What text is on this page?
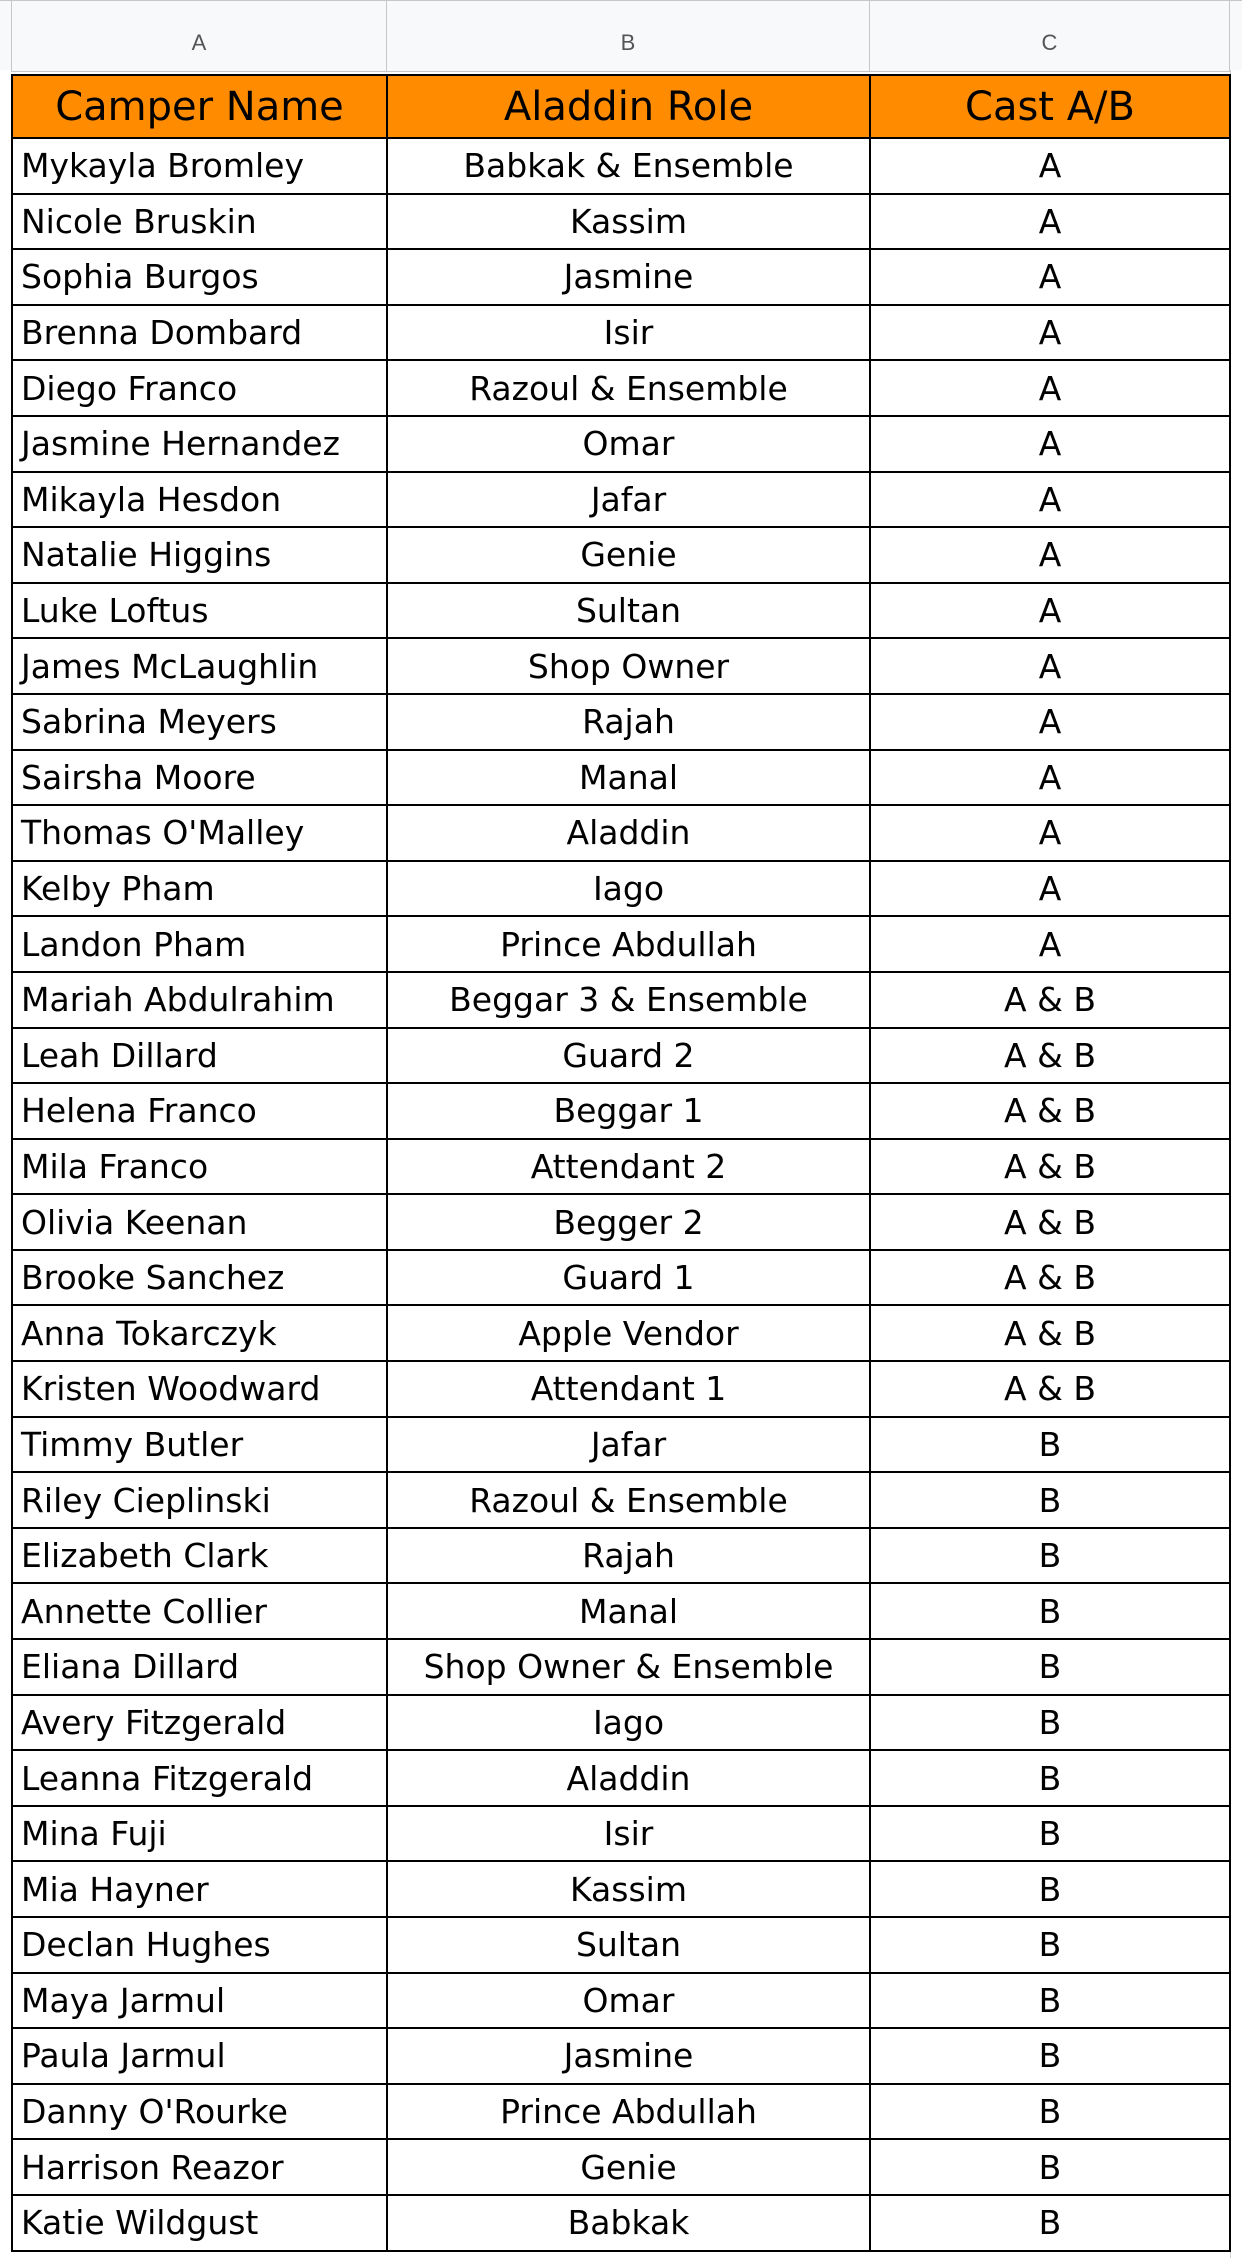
A	B	C
Camper Name	Aladdin Role	Cast A/B
Mykayla Bromley	Babkak & Ensemble	A
Nicole Bruskin	Kassim	A
Sophia Burgos	Jasmine	A
Brenna Dombard	Isir	A
Diego Franco	Razoul & Ensemble	A
Jasmine Hernandez	Omar	A
Mikayla Hesdon	Jafar	A
Natalie Higgins	Genie	A
Luke Loftus	Sultan	A
James McLaughlin	Shop Owner	A
Sabrina Meyers	Rajah	A
Sairsha Moore	Manal	A
Thomas O'Malley	Aladdin	A
Kelby Pham	Iago	A
Landon Pham	Prince Abdullah	A
Mariah Abdulrahim	Beggar 3 & Ensemble	A & B
Leah Dillard	Guard 2	A & B
Helena Franco	Beggar 1	A & B
Mila Franco	Attendant 2	A & B
Olivia Keenan	Begger 2	A & B
Brooke Sanchez	Guard 1	A & B
Anna Tokarczyk	Apple Vendor	A & B
Kristen Woodward	Attendant 1	A & B
Timmy Butler	Jafar	B
Riley Cieplinski	Razoul & Ensemble	B
Elizabeth Clark	Rajah	B
Annette Collier	Manal	B
Eliana Dillard	Shop Owner & Ensemble	B
Avery Fitzgerald	Iago	B
Leanna Fitzgerald	Aladdin	B
Mina Fuji	Isir	B
Mia Hayner	Kassim	B
Declan Hughes	Sultan	B
Maya Jarmul	Omar	B
Paula Jarmul	Jasmine	B
Danny O'Rourke	Prince Abdullah	B
Harrison Reazor	Genie	B
Katie Wildgust	Babkak	B
